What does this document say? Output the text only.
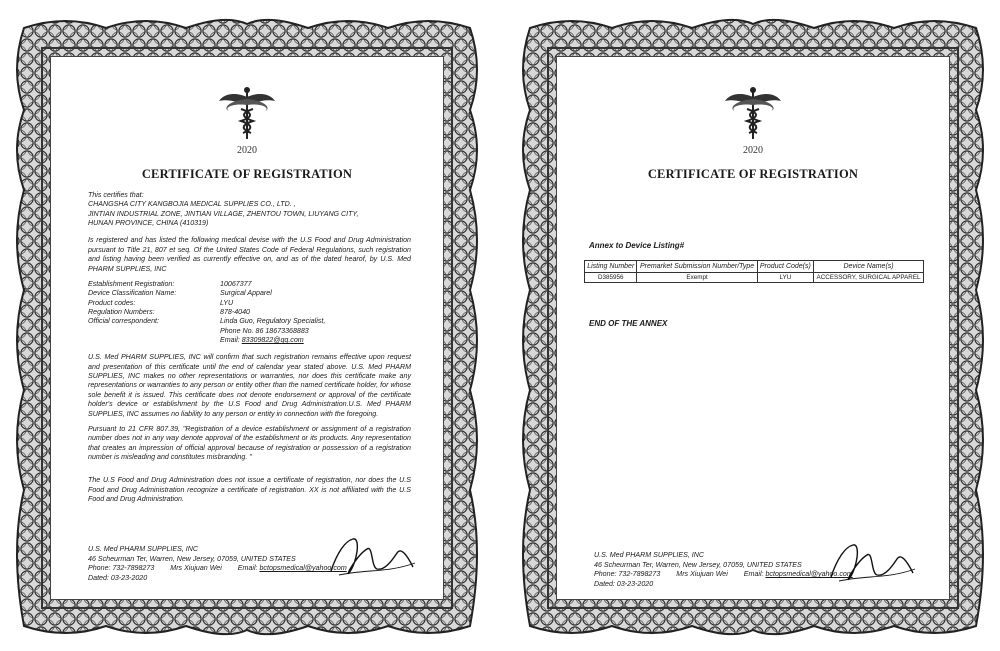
2020
CERTIFICATE OF REGISTRATION
This certifies that:
CHANGSHA CITY KANGBOJIA MEDICAL SUPPLIES CO., LTD. ,
JINTIAN INDUSTRIAL ZONE, JINTIAN VILLAGE, ZHENTOU TOWN, LIUYANG CITY,
HUNAN PROVINCE, CHINA (410319)

Is registered and has listed the following medical devise with the U.S Food and Drug Administration pursuant to Title 21, 807 et seq. Of the United States Code of Federal Regulations, such registration and listing having been verified as currently effective on, and as of the dated hearof, by U.S. Med PHARM SUPPLIES, INC

Establishment Registration:	10067377
Device Classification Name:	Surgical Apparel
Product codes:	LYU
Regulation Numbers:	878-4040
Official correspondent:	Linda Guo, Regulatory Specialist,
Phone No. 86 18673368883
Email: 83309822@qq.com

U.S. Med PHARM SUPPLIES, INC will confirm that such registration remains effective upon request and presentation of this certificate until the end of calendar year stated above. U.S. Med PHARM SUPPLIES, INC makes no other representations or warranties, nor does this certificate make any representations or warranties to any person or entity other than the named certificate holder, for whose sole benefit it is issued. This certificate does not denote endorsement or approval of the certificate holder's device or establishment by the U.S Food and Drug Administration.U.S. Med PHARM SUPPLIES, INC assumes no liability to any person or entity in connection with the foregoing.

Pursuant to 21 CFR 807.39, "Registration of a device establishment or assignment of a registration number does not in any way denote approval of the establishment or its products. Any representation that creates an impression of official approval because of registration or possession of a registration number is misleading and constitutes misbranding. "

The U.S Food and Drug Administration does not issue a certificate of registration, nor does the U.S Food and Drug Administration recognize a certificate of registration. XX is not affiliated with the U.S Food and Drug Administration.

U.S. Med PHARM SUPPLIES, INC
46 Scheurman Ter, Warren, New Jersey, 07059, UNITED STATES
Phone: 732-7898273 Mrs Xiujuan Wei Email: bctopsmedical@yahoo.com
Dated: 03-23-2020
2020
CERTIFICATE OF REGISTRATION
Annex to Device Listing#
Listing Number	Premarket Submission Number/Type	Product Code(s)	Device Name(s)
D385956	Exempt	LYU	ACCESSORY, SURGICAL APPAREL
END OF THE ANNEX
U.S. Med PHARM SUPPLIES, INC
46 Scheurman Ter, Warren, New Jersey, 07059, UNITED STATES
Phone: 732-7898273 Mrs Xiujuan Wei Email: bctopsmedical@yahoo.com
Dated: 03-23-2020
